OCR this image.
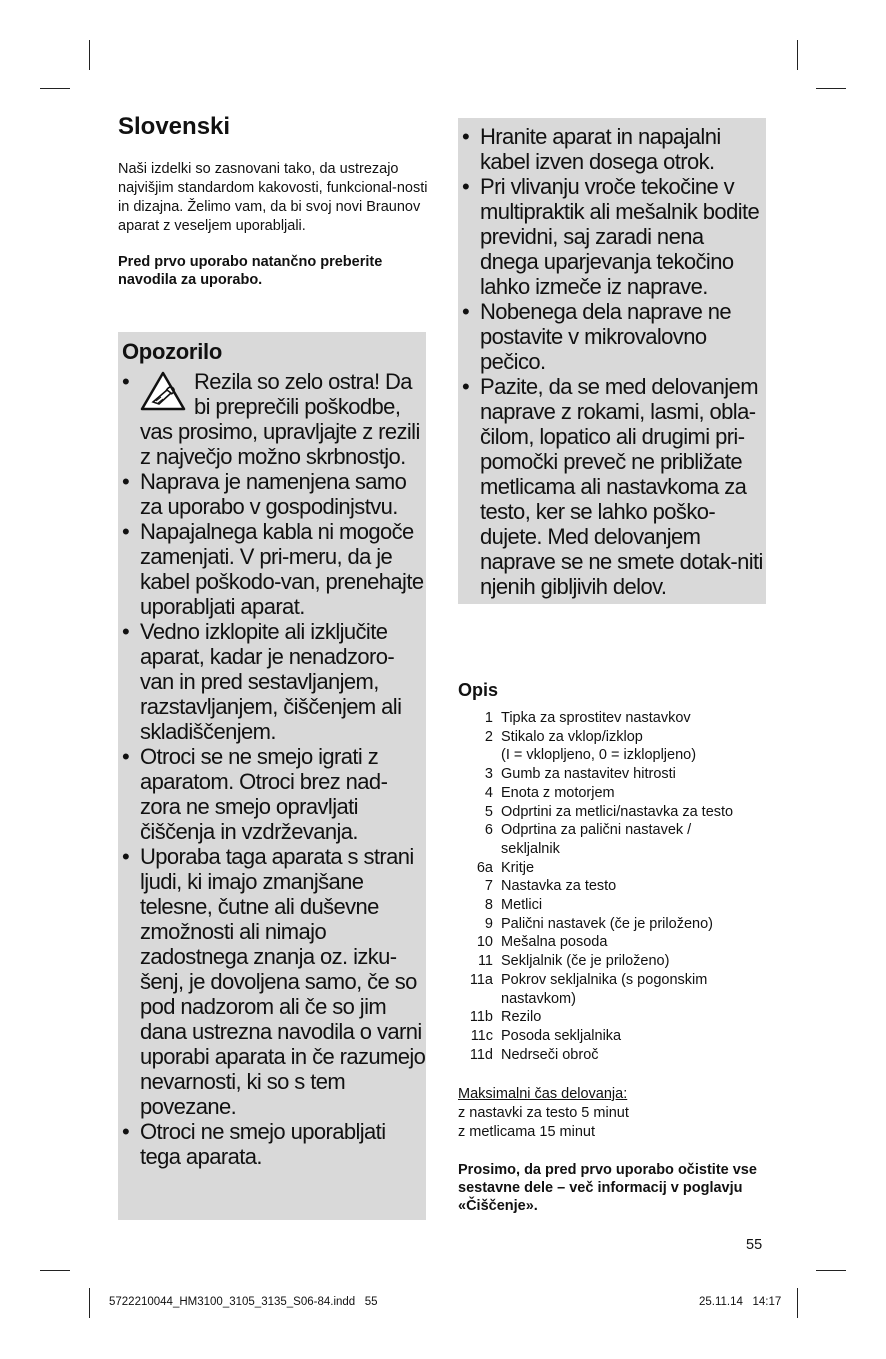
Slovenski

Naši izdelki so zasnovani tako, da ustrezajo najvišjim standardom kakovosti, funkcional-nosti in dizajna. Želimo vam, da bi svoj novi Braunov aparat z veseljem uporabljali.

Pred prvo uporabo natančno preberite navodila za uporabo.

Opozorilo
• Rezila so zelo ostra! Da bi preprečili poškodbe, vas prosimo, upravljajte z rezili z največjo možno skrbnostjo.
• Naprava je namenjena samo za uporabo v gospodinjstvu.
• Napajalnega kabla ni mogoče zamenjati. V pri-meru, da je kabel poškodo-van, prenehajte uporabljati aparat.
• Vedno izklopite ali izključite aparat, kadar je nenadzoro-van in pred sestavljanjem, razstavljanjem, čiščenjem ali skladiščenjem.
• Otroci se ne smejo igrati z aparatom. Otroci brez nad-zora ne smejo opravljati čiščenja in vzdrževanja.
• Uporaba taga aparata s strani ljudi, ki imajo zmanjšane telesne, čutne ali duševne zmožnosti ali nimajo zadostnega znanja oz. izku-šenj, je dovoljena samo, če so pod nadzorom ali če so jim dana ustrezna navodila o varni uporabi aparata in če razumejo nevarnosti, ki so s tem povezane.
• Otroci ne smejo uporabljati tega aparata.
• Hranite aparat in napajalni kabel izven dosega otrok.
• Pri vlivanju vroče tekočine v multipraktik ali mešalnik bodite previdni, saj zaradi nena dnega uparjevanja tekočino lahko izmeče iz naprave.
• Nobenega dela naprave ne postavite v mikrovalovno pečico.
• Pazite, da se med delovanjem naprave z rokami, lasmi, obla-čilom, lopatico ali drugimi pri-pomočki preveč ne približate metlicama ali nastavkoma za testo, ker se lahko poško-dujete. Med delovanjem naprave se ne smete dotak-niti njenih gibljivih delov.
Opis
1	Tipka za sprostitev nastavkov
2	Stikalo za vklop/izklop
	(I = vklopljeno, 0 = izklopljeno)
3	Gumb za nastavitev hitrosti
4	Enota z motorjem
5	Odprtini za metlici/nastavka za testo
6	Odprtina za palični nastavek /
	sekljalnik
6a	Kritje
7	Nastavka za testo
8	Metlici
9	Palični nastavek (če je priloženo)
10	Mešalna posoda
11	Sekljalnik (če je priloženo)
11a	Pokrov sekljalnika (s pogonskim
	nastavkom)
11b	Rezilo
11c	Posoda sekljalnika
11d	Nedrseči obroč
Maksimalni čas delovanja:
z nastavki za testo 5 minut
z metlicama 15 minut
Prosimo, da pred prvo uporabo očistite vse sestavne dele – več informacij v poglavju «Čiščenje».
55
5722210044_HM3100_3105_3135_S06-84.indd   55	25.11.14   14:17
